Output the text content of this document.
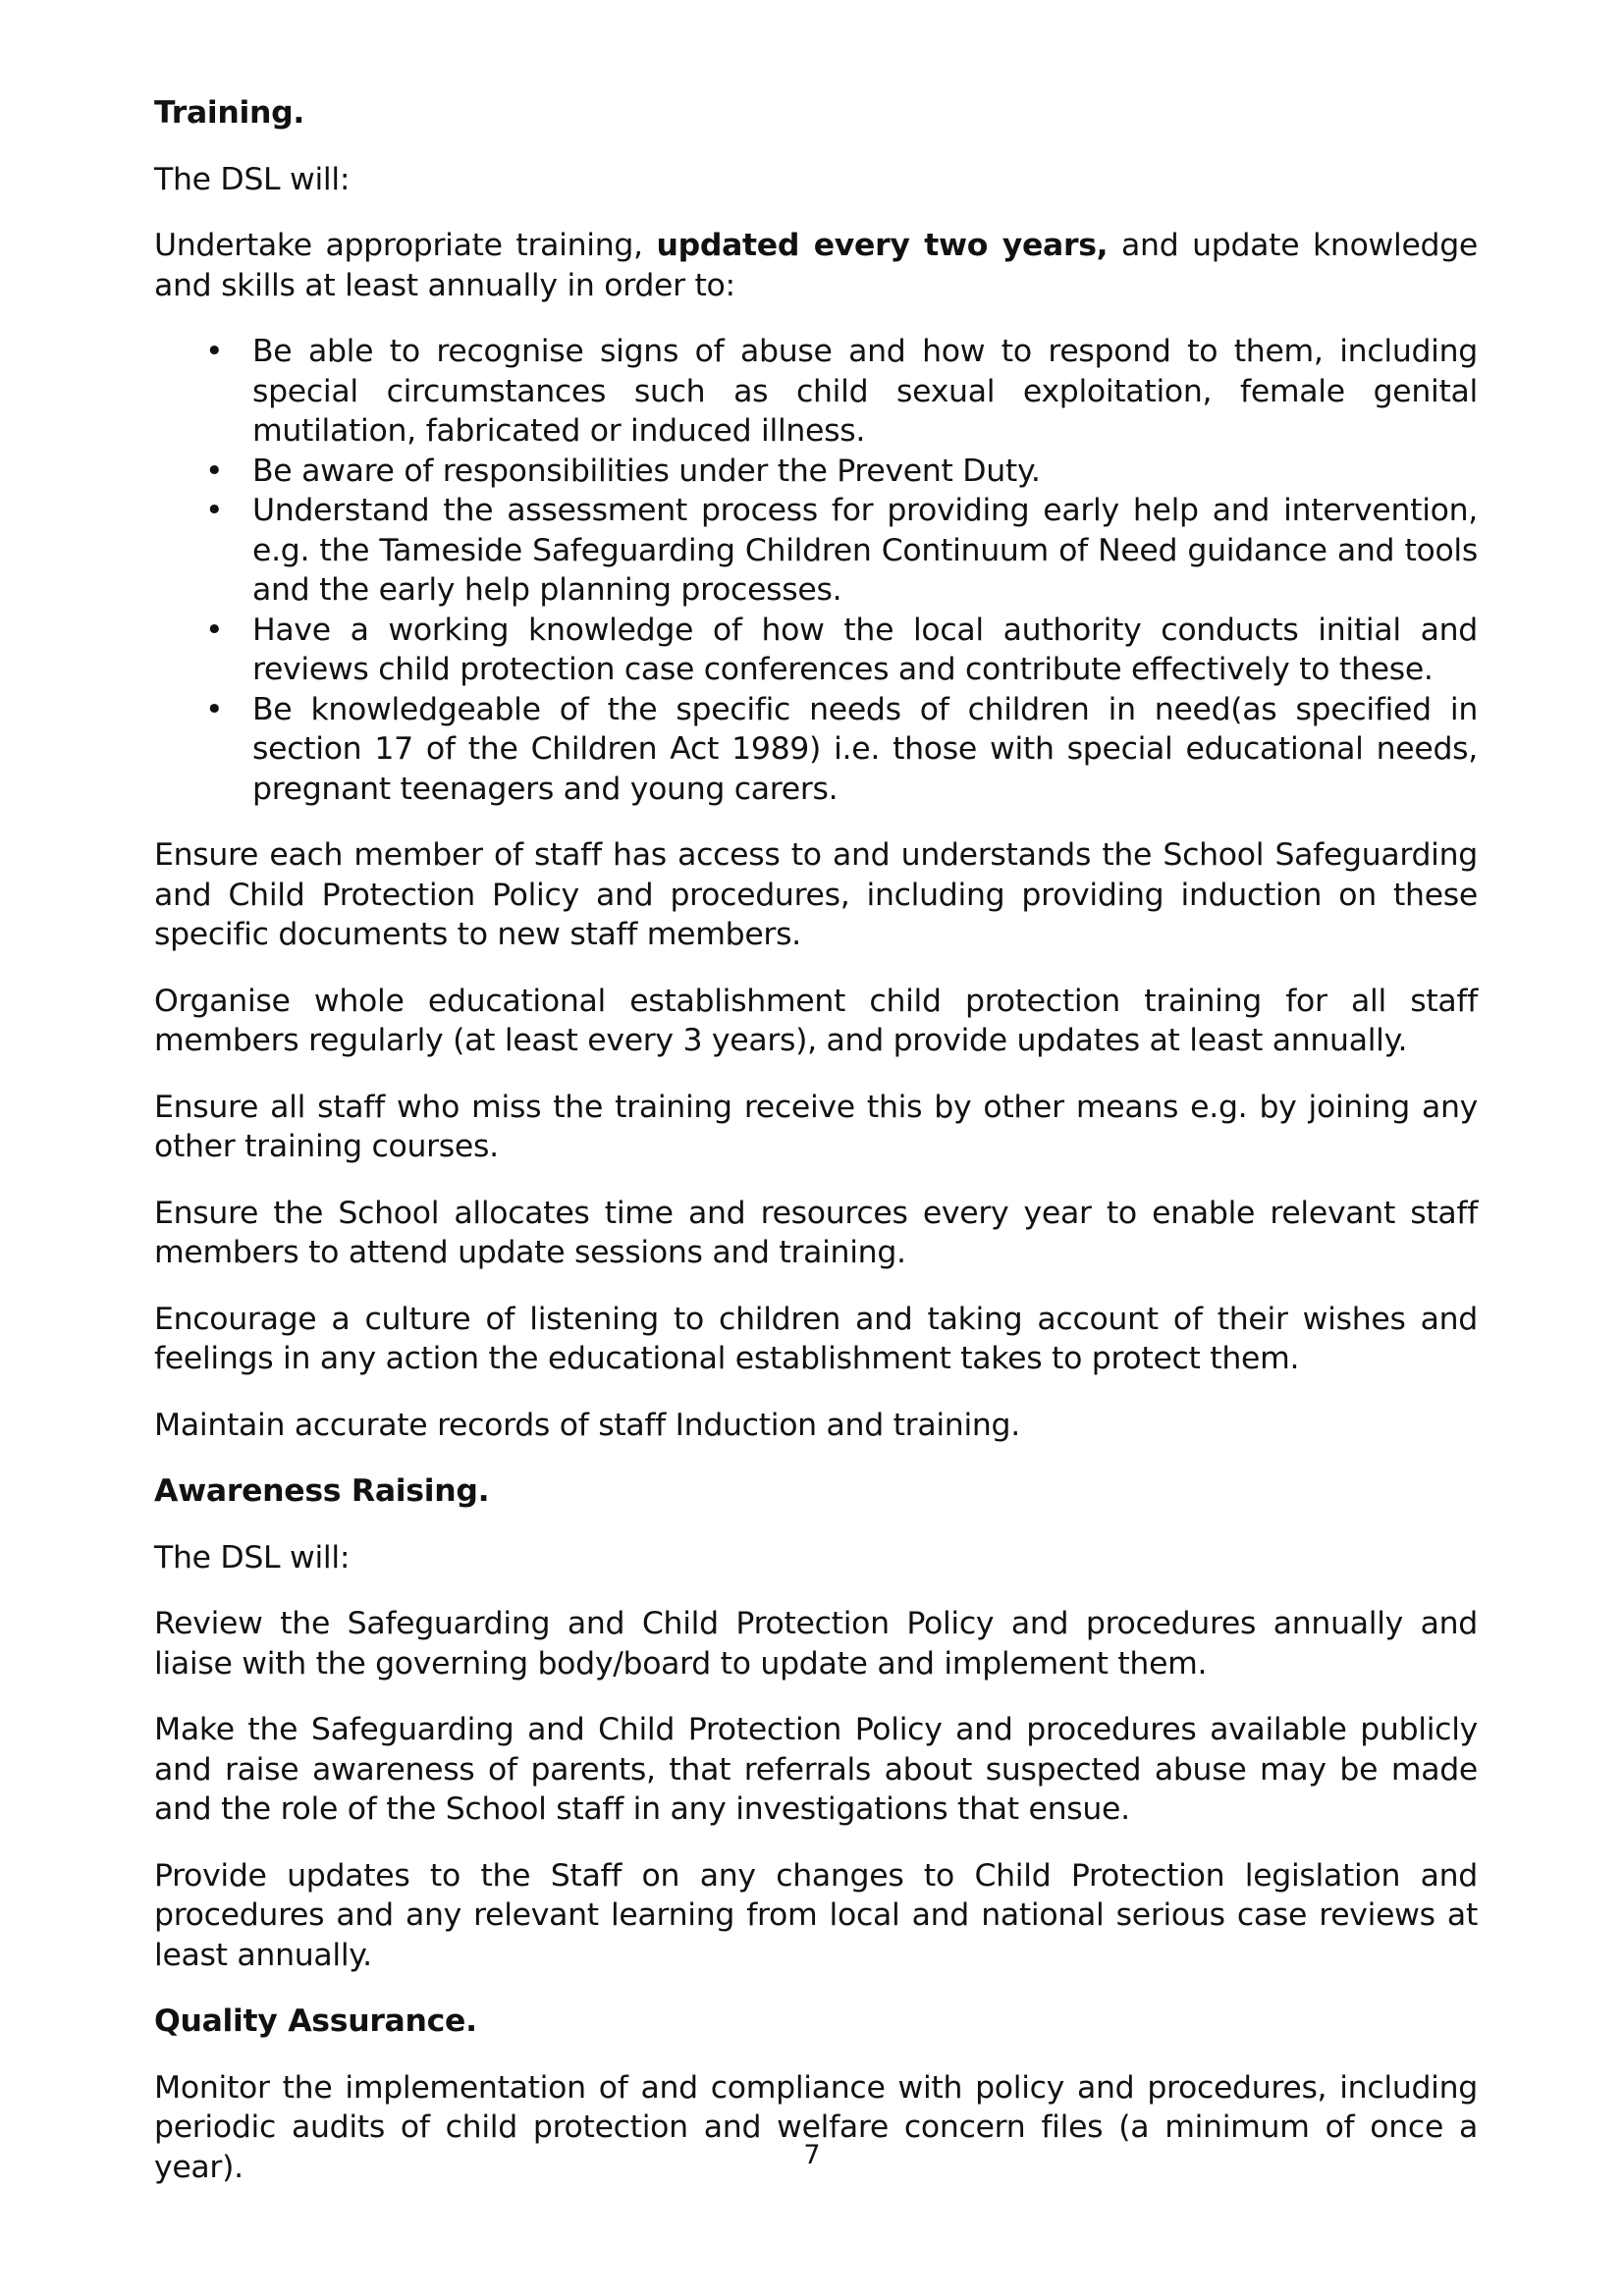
Training.

The DSL will:

Undertake appropriate training, updated every two years, and update knowledge and skills at least annually in order to:

• Be able to recognise signs of abuse and how to respond to them, including special circumstances such as child sexual exploitation, female genital mutilation, fabricated or induced illness.
• Be aware of responsibilities under the Prevent Duty.
• Understand the assessment process for providing early help and intervention, e.g. the Tameside Safeguarding Children Continuum of Need guidance and tools and the early help planning processes.
• Have a working knowledge of how the local authority conducts initial and reviews child protection case conferences and contribute effectively to these.
• Be knowledgeable of the specific needs of children in need(as specified in section 17 of the Children Act 1989) i.e. those with special educational needs, pregnant teenagers and young carers.

Ensure each member of staff has access to and understands the School Safeguarding and Child Protection Policy and procedures, including providing induction on these specific documents to new staff members.

Organise whole educational establishment child protection training for all staff members regularly (at least every 3 years), and provide updates at least annually.

Ensure all staff who miss the training receive this by other means e.g. by joining any other training courses.

Ensure the School allocates time and resources every year to enable relevant staff members to attend update sessions and training.

Encourage a culture of listening to children and taking account of their wishes and feelings in any action the educational establishment takes to protect them.

Maintain accurate records of staff Induction and training.

Awareness Raising.

The DSL will:

Review the Safeguarding and Child Protection Policy and procedures annually and liaise with the governing body/board to update and implement them.

Make the Safeguarding and Child Protection Policy and procedures available publicly and raise awareness of parents, that referrals about suspected abuse may be made and the role of the School staff in any investigations that ensue.

Provide updates to the Staff on any changes to Child Protection legislation and procedures and any relevant learning from local and national serious case reviews at least annually.

Quality Assurance.

Monitor the implementation of and compliance with policy and procedures, including periodic audits of child protection and welfare concern files (a minimum of once a year).	7
